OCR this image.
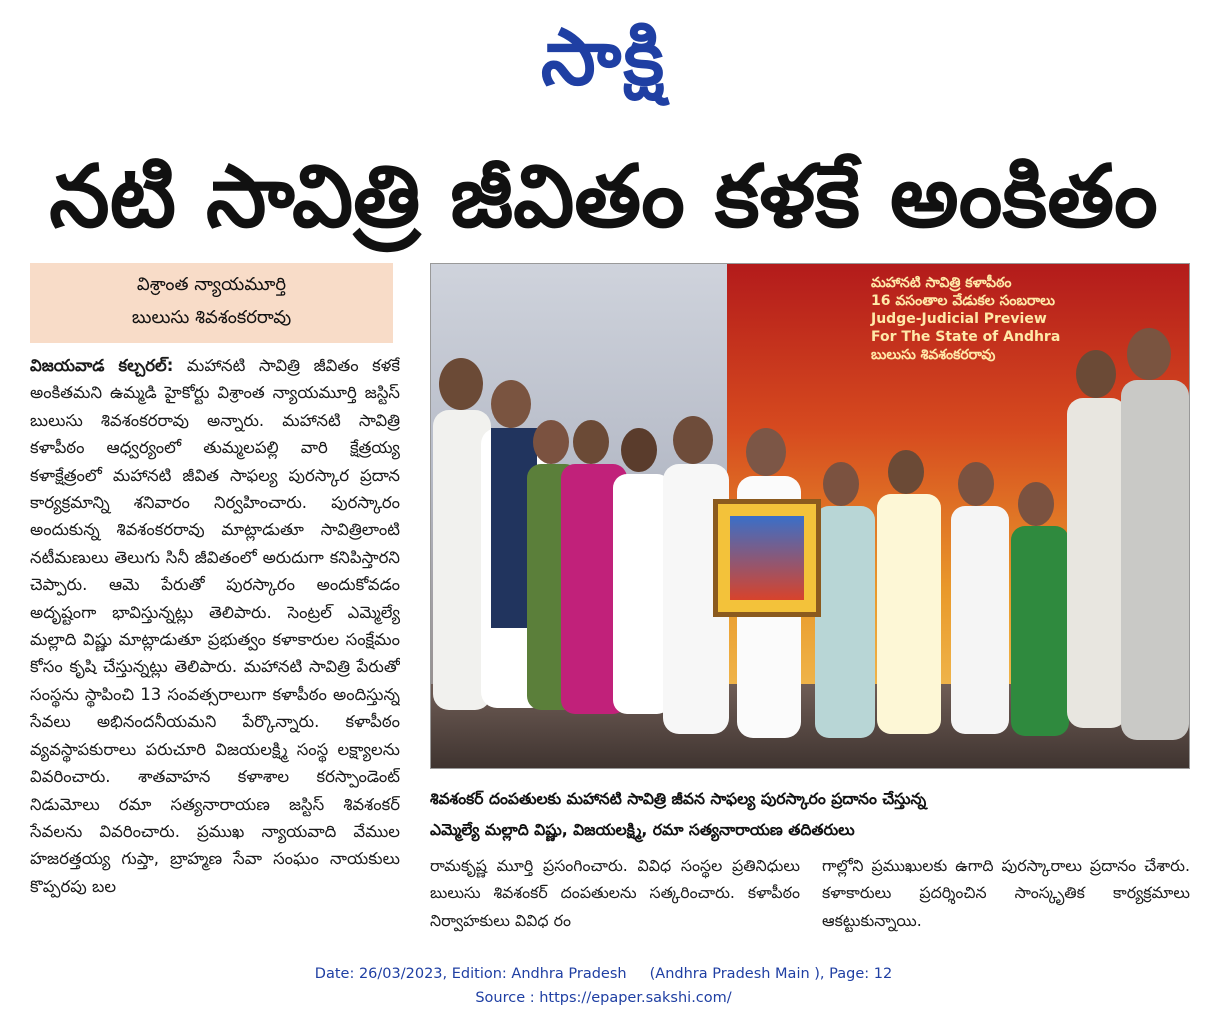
సాక్షి
నటి సావిత్రి జీవితం కళకే అంకితం
విశ్రాంత న్యాయమూర్తి
బులుసు శివశంకరరావు
విజయవాడ కల్చరల్: మహానటి సావిత్రి జీవితం కళకే అంకితమని ఉమ్మడి హైకోర్టు విశ్రాంత న్యాయమూర్తి జస్టిస్ బులుసు శివశంకరరావు అన్నారు. మహానటి సావిత్రి కళాపీఠం ఆధ్వర్యంలో తుమ్మలపల్లి వారి క్షేత్రయ్య కళాక్షేత్రంలో మహానటి జీవిత సాఫల్య పురస్కార ప్రదాన కార్యక్రమాన్ని శనివారం నిర్వహించారు. పురస్కారం అందుకున్న శివశంకరరావు మాట్లాడుతూ సావిత్రిలాంటి నటీమణులు తెలుగు సినీ జీవితంలో అరుదుగా కనిపిస్తారని చెప్పారు. ఆమె పేరుతో పురస్కారం అందుకోవడం అదృష్టంగా భావిస్తున్నట్లు తెలిపారు. సెంట్రల్ ఎమ్మెల్యే మల్లాది విష్ణు మాట్లాడుతూ ప్రభుత్వం కళాకారుల సంక్షేమం కోసం కృషి చేస్తున్నట్లు తెలిపారు. మహానటి సావిత్రి పేరుతో సంస్థను స్థాపించి 13 సంవత్సరాలుగా కళాపీఠం అందిస్తున్న సేవలు అభినందనీయమని పేర్కొన్నారు. కళాపీఠం వ్యవస్థాపకురాలు పరుచూరి విజయలక్ష్మి సంస్థ లక్ష్యాలను వివరించారు. శాతవాహన కళాశాల కరస్పాండెంట్ నిడుమోలు రమా సత్యనారాయణ జస్టిస్ శివశంకర్ సేవలను వివరించారు. ప్రముఖ న్యాయవాది వేముల హజరత్తయ్య గుప్తా, బ్రాహ్మణ సేవా సంఘం నాయకులు కొప్పరపు బల
మహానటి సావిత్రి కళాపీఠం
16 వసంతాల వేడుకల సంబరాలు
Judge-Judicial Preview
For The State of Andhra
బులుసు శివశంకరరావు
శివశంకర్ దంపతులకు మహానటి సావిత్రి జీవన సాఫల్య పురస్కారం ప్రదానం చేస్తున్న
ఎమ్మెల్యే మల్లాది విష్ణు, విజయలక్ష్మి, రమా సత్యనారాయణ తదితరులు
రామకృష్ణ మూర్తి ప్రసంగించారు. వివిధ సంస్థల ప్రతినిధులు బులుసు శివశంకర్ దంపతులను సత్కరించారు. కళాపీఠం నిర్వాహకులు వివిధ రం
గాల్లోని ప్రముఖులకు ఉగాది పురస్కారాలు ప్రదానం చేశారు. కళాకారులు ప్రదర్శించిన సాంస్కృతిక కార్యక్రమాలు ఆకట్టుకున్నాయి.
Date: 26/03/2023, Edition: Andhra Pradesh     (Andhra Pradesh Main ), Page: 12
Source : https://epaper.sakshi.com/
